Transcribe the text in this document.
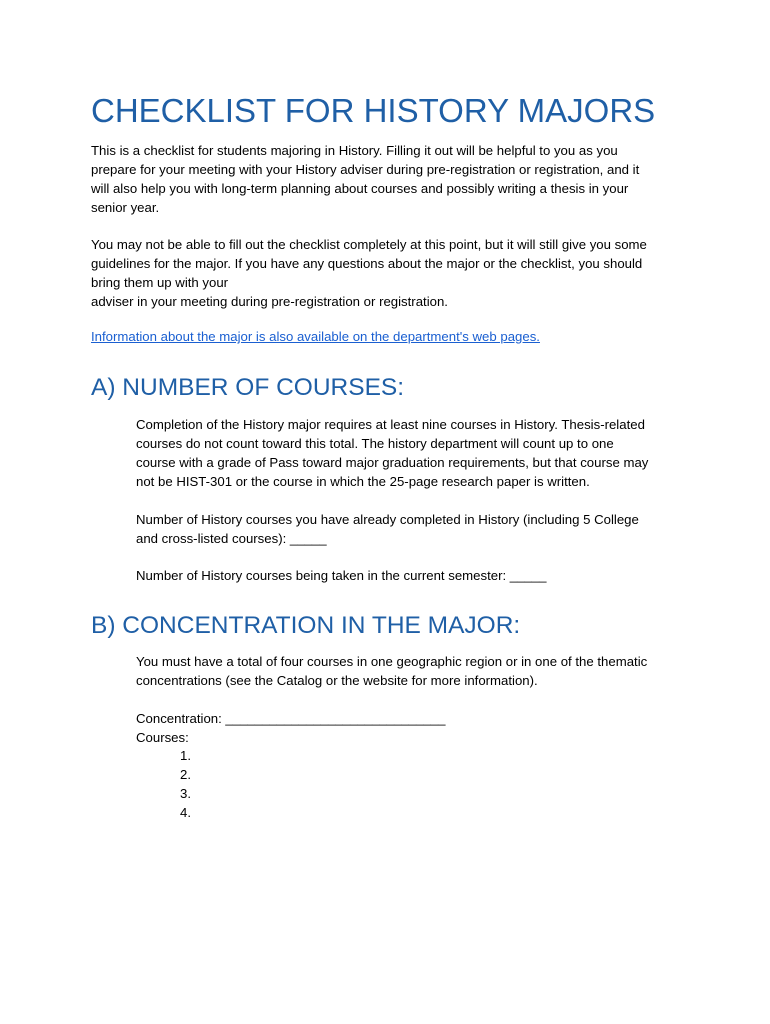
CHECKLIST FOR HISTORY MAJORS
This is a checklist for students majoring in History. Filling it out will be helpful to you as you
prepare for your meeting with your History adviser during pre-registration or registration, and it
will also help you with long-term planning about courses and possibly writing a thesis in your
senior year.
You may not be able to fill out the checklist completely at this point, but it will still give you some
guidelines for the major. If you have any questions about the major or the checklist, you should
bring them up with your
adviser in your meeting during pre-registration or registration.
Information about the major is also available on the department's web pages.
A) NUMBER OF COURSES:
Completion of the History major requires at least nine courses in History. Thesis-related
courses do not count toward this total. The history department will count up to one
course with a grade of Pass toward major graduation requirements, but that course may
not be HIST-301 or the course in which the 25-page research paper is written.
Number of History courses you have already completed in History (including 5 College
and cross-listed courses): _____
Number of History courses being taken in the current semester: _____
B) CONCENTRATION IN THE MAJOR:
You must have a total of four courses in one geographic region or in one of the thematic
concentrations (see the Catalog or the website for more information).
Concentration: ______________________________
Courses:
1.
2.
3.
4.
